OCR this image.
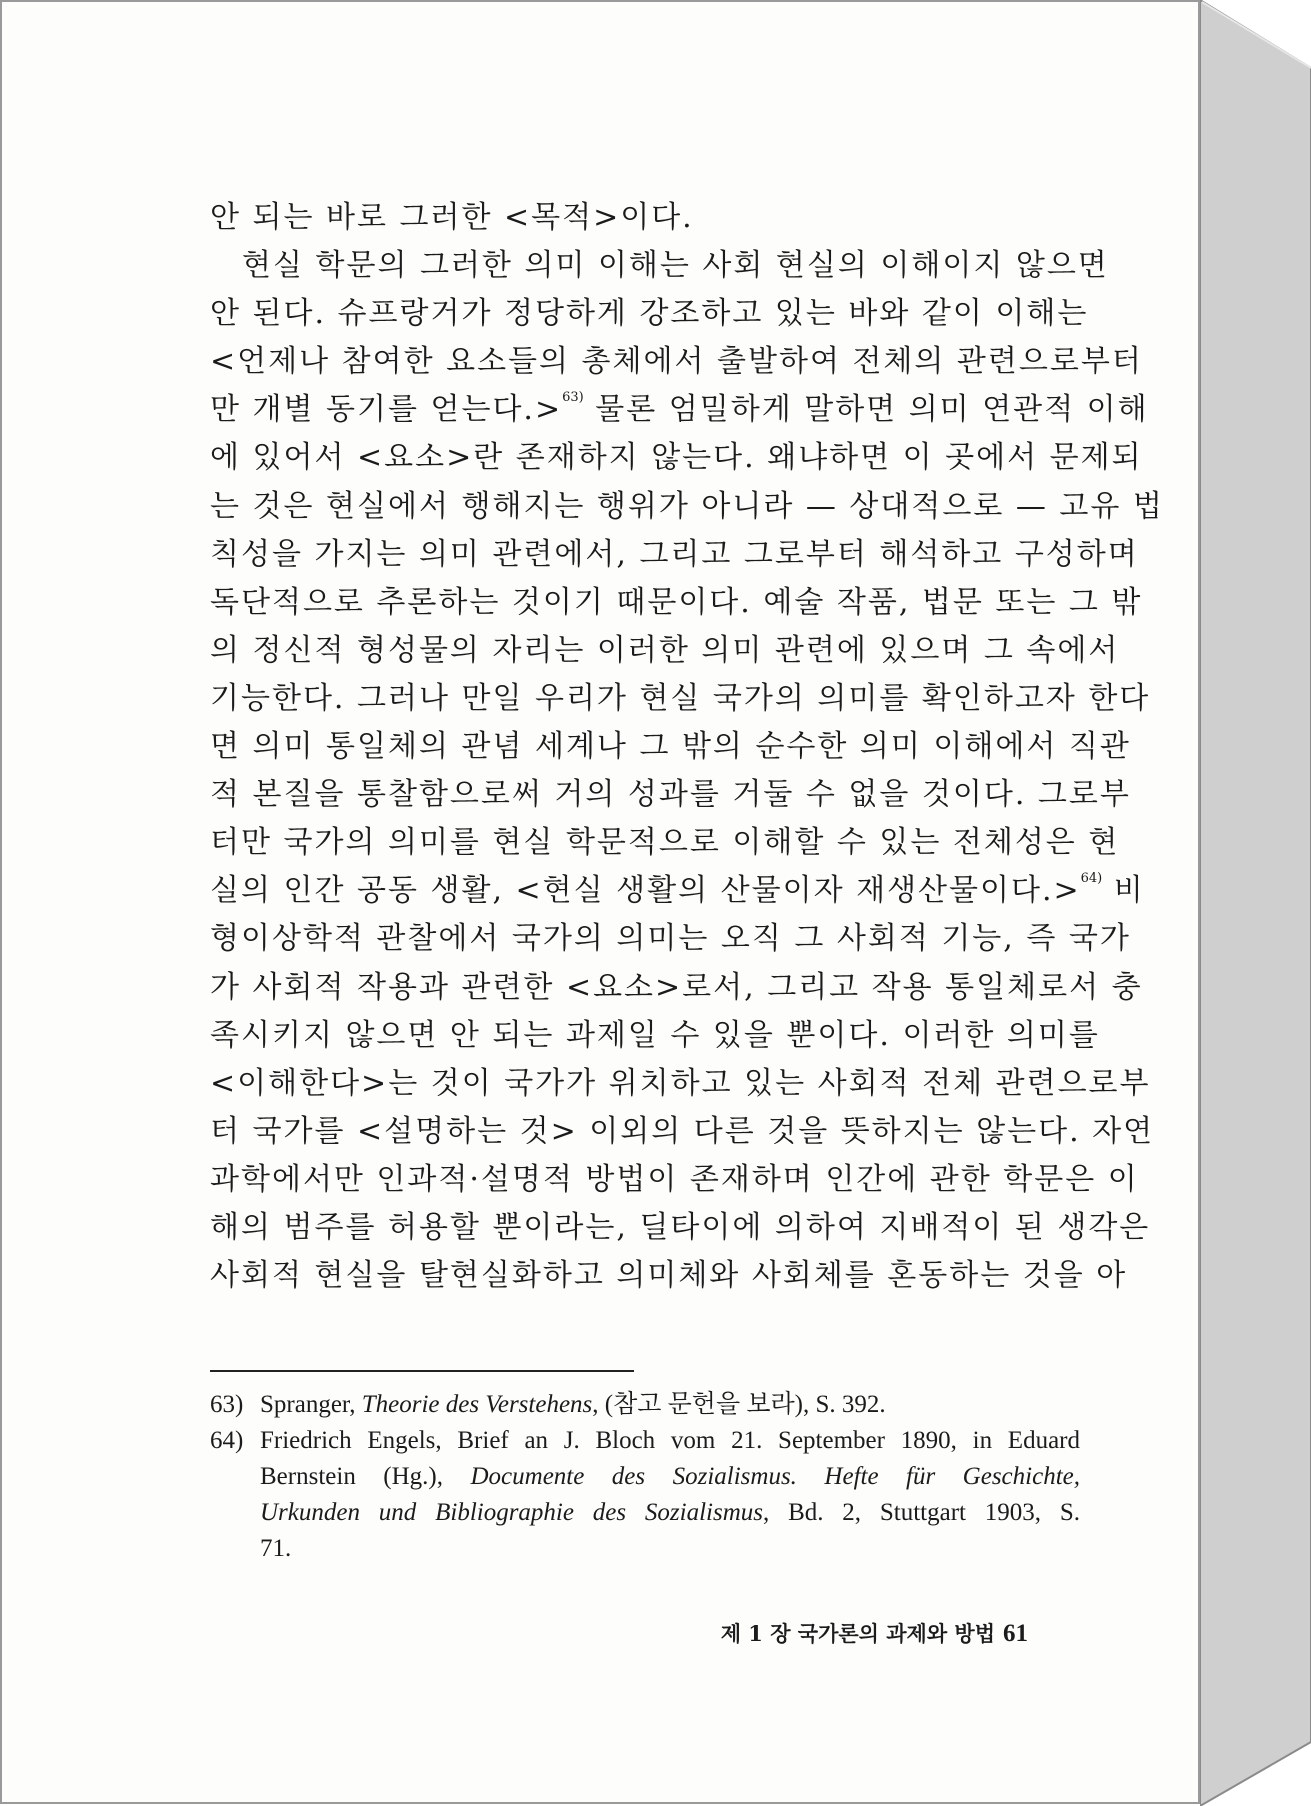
안 되는 바로 그러한 <목적>이다.
　현실 학문의 그러한 의미 이해는 사회 현실의 이해이지 않으면
안 된다. 슈프랑거가 정당하게 강조하고 있는 바와 같이 이해는
<언제나 참여한 요소들의 총체에서 출발하여 전체의 관련으로부터
만 개별 동기를 얻는다.>$^{63)}$ 물론 엄밀하게 말하면 의미 연관적 이해
에 있어서 <요소>란 존재하지 않는다. 왜냐하면 이 곳에서 문제되
는 것은 현실에서 행해지는 행위가 아니라 — 상대적으로 — 고유 법
칙성을 가지는 의미 관련에서, 그리고 그로부터 해석하고 구성하며
독단적으로 추론하는 것이기 때문이다. 예술 작품, 법문 또는 그 밖
의 정신적 형성물의 자리는 이러한 의미 관련에 있으며 그 속에서
기능한다. 그러나 만일 우리가 현실 국가의 의미를 확인하고자 한다
면 의미 통일체의 관념 세계나 그 밖의 순수한 의미 이해에서 직관
적 본질을 통찰함으로써 거의 성과를 거둘 수 없을 것이다. 그로부
터만 국가의 의미를 현실 학문적으로 이해할 수 있는 전체성은 현
실의 인간 공동 생활, <현실 생활의 산물이자 재생산물이다.>$^{64)}$ 비
형이상학적 관찰에서 국가의 의미는 오직 그 사회적 기능, 즉 국가
가 사회적 작용과 관련한 <요소>로서, 그리고 작용 통일체로서 충
족시키지 않으면 안 되는 과제일 수 있을 뿐이다. 이러한 의미를
<이해한다>는 것이 국가가 위치하고 있는 사회적 전체 관련으로부
터 국가를 <설명하는 것> 이외의 다른 것을 뜻하지는 않는다. 자연
과학에서만 인과적·설명적 방법이 존재하며 인간에 관한 학문은 이
해의 범주를 허용할 뿐이라는, 딜타이에 의하여 지배적이 된 생각은
사회적 현실을 탈현실화하고 의미체와 사회체를 혼동하는 것을 아
63) Spranger, Theorie des Verstehens, (참고 문헌을 보라), S. 392.
64) Friedrich Engels, Brief an J. Bloch vom 21. September 1890, in Eduard
Bernstein (Hg.), Documente des Sozialismus. Hefte für Geschichte,
Urkunden und Bibliographie des Sozialismus, Bd. 2, Stuttgart 1903, S.
71.
제 1 장 국가론의 과제와 방법 61
